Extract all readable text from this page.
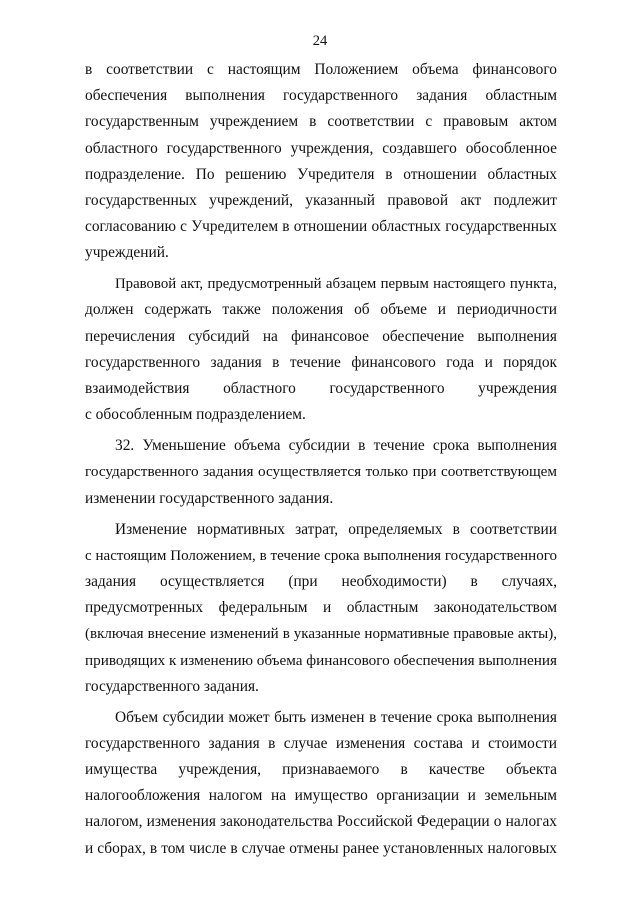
24
в соответствии с настоящим Положением объема финансового
обеспечения выполнения государственного задания областным
государственным учреждением в соответствии с правовым актом
областного государственного учреждения, создавшего обособленное
подразделение. По решению Учредителя в отношении областных
государственных учреждений, указанный правовой акт подлежит
согласованию с Учредителем в отношении областных государственных
учреждений.
Правовой акт, предусмотренный абзацем первым настоящего пункта,
должен содержать также положения об объеме и периодичности
перечисления субсидий на финансовое обеспечение выполнения
государственного задания в течение финансового года и порядок
взаимодействия областного государственного учреждения
с обособленным подразделением.
32. Уменьшение объема субсидии в течение срока выполнения
государственного задания осуществляется только при соответствующем
изменении государственного задания.
Изменение нормативных затрат, определяемых в соответствии
с настоящим Положением, в течение срока выполнения государственного
задания осуществляется (при необходимости) в случаях,
предусмотренных федеральным и областным законодательством
(включая внесение изменений в указанные нормативные правовые акты),
приводящих к изменению объема финансового обеспечения выполнения
государственного задания.
Объем субсидии может быть изменен в течение срока выполнения
государственного задания в случае изменения состава и стоимости
имущества учреждения, признаваемого в качестве объекта
налогообложения налогом на имущество организации и земельным
налогом, изменения законодательства Российской Федерации о налогах
и сборах, в том числе в случае отмены ранее установленных налоговых
